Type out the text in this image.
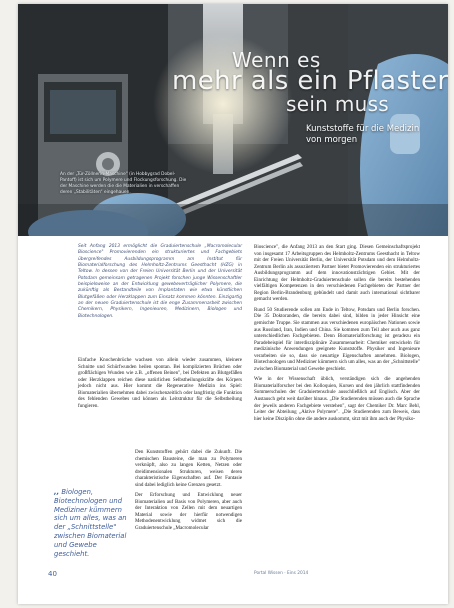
Wenn es
mehr als ein Pflaster
sein muss
Kunststoffe für die Medizin von morgen
An der „Tür-Zöllnerin-Maschine" (in Hobbygrad Dobel-Pantoff) ist sich um Polymere und Flockungsforschung. Die der Maschine werden die die Materialien in verschaffen deren „Stabilitäten“ eingehauen.
Seit Anfang 2013 ermöglicht die Graduiertenschule „Macromolecular Bioscience" Promovierenden ein strukturiertes und Fachgebiets übergreifendes Ausbildungsprogramm am Institut für Biomaterialforschung des Helmholtz-Zentrums Geesthacht (HZG) in Teltow. In dessen von der Freien Universität Berlin und der Universität Potsdam gemeinsam getragenen Projekt forschen junge Wissenschaftler beispielsweise an der Entwicklung gewebeverträglicher Polymere, die zukünftig als Bestandteile von Implantaten wie etwa künstlichen Blutgefäßen oder Herzklappen zum Einsatz kommen könnten. Einzigartig an der neuen Graduiertenschule ist die enge Zusammenarbeit zwischen Chemikern, Physikern, Ingenieuren, Medizinern, Biologen und Biotechnologen.

Einfache Knochenbrüche wachsen von allein wieder zusammen, kleinere Schnitte und Schürfwunden heilen spontan. Bei komplizierten Brüchen oder großflächigen Wunden wie z.B. „offenen Beinen", bei Defekten an Blutgefäßen oder Herzklappen reichen diese natürlichen Selbstheilungskräfte des Körpers jedoch nicht aus. Hier kommt die Regenerative Medizin ins Spiel: Biomaterialien übernehmen dabei zwischenzeitlich oder langfristig die Funktion des fehlenden Gewebes und können als Leitstruktur für die Selbstheilung fungieren.

Den Kunststoffen gehört dabei die Zukunft. Die chemischen Bausteine, die man zu Polymeren verknüpft, also zu langen Ketten, Netzen oder dreidimensionalen Strukturen, weisen deren charakteristische Eigenschaften auf. Der Fantasie sind dabei lediglich keine Grenzen gesetzt.

Der Erforschung und Entwicklung neuer Biomaterialien auf Basis von Polymeren, aber auch der Interaktion von Zellen mit dem neuartigen Material sowie der hierfür notwendigen Methodenentwicklung widmet sich die Graduiertenschule „Macromolecular

,, Biologen, Biotechnologen und Mediziner kümmern sich um alles, was an der „Schnittstelle" zwischen Biomaterial und Gewebe geschieht.

Bioscience", die Anfang 2013 an den Start ging. Diesen Gemeinschaftsprojekt von insgesamt 17 Arbeitsgruppen des Helmholtz-Zentrums Geesthacht in Teltow mit der Freien Universität Berlin, der Universität Potsdam und dem Helmholtz-Zentrum Berlin als assoziiertem Partner bietet Promovierenden ein strukturiertes Ausbildungsprogramm auf dem innovationsträchtigen Gebiet. Mit der Einrichtung der Helmholtz-Graduiertenschule sollen die bereits bestehenden vielfältigen Kompetenzen in den verschiedenen Fachgebieten der Partner der Region Berlin-Brandenburg gebündelt und damit auch international sichtbarer gemacht werden.

Rund 50 Studierende sollen am Ende in Teltow, Potsdam und Berlin forschen. Die 35 Doktoranden, die bereits dabei sind, bilden in jeder Hinsicht eine gemischte Truppe. Sie stammen aus verschiedenen europäischen Nationen sowie aus Russland, Iran, Indien und China. Sie kommen zum Teil aber auch aus ganz unterschiedlichen Fachgebieten. Denn Biomaterialforschung ist geradezu ein Paradebeispiel für interdisziplinäre Zusammenarbeit: Chemiker entwickeln für medizinische Anwendungen geeignete Kunststoffe. Physiker und Ingenieure verarbeiten sie so, dass sie neuartige Eigenschaften annehmen. Biologen, Biotechnologen und Mediziner kümmern sich um alles, was an der „Schnittstelle" zwischen Biomaterial und Gewebe geschieht.

Wie in der Wissenschaft üblich, verständigen sich die angehenden Biomaterialforscher bei den Kolloquien, Kursen und den jährlich stattfindenden Sommerschulen der Graduiertenschule ausschließlich auf Englisch. Aber der Austausch geht weit darüber hinaus. „Die Studierenden müssen auch die Sprache der jeweils anderen Fachgebiete verstehen", sagt der Chemiker Dr. Marc Behl, Leiter der Abteilung „Aktive Polymere". „Die Studierenden zum Beweis, dass hier keine Disziplin ohne die andere auskommt, sitzt mit ihm auch der Physiko-

40	Portal Wissen · Eins 2014
